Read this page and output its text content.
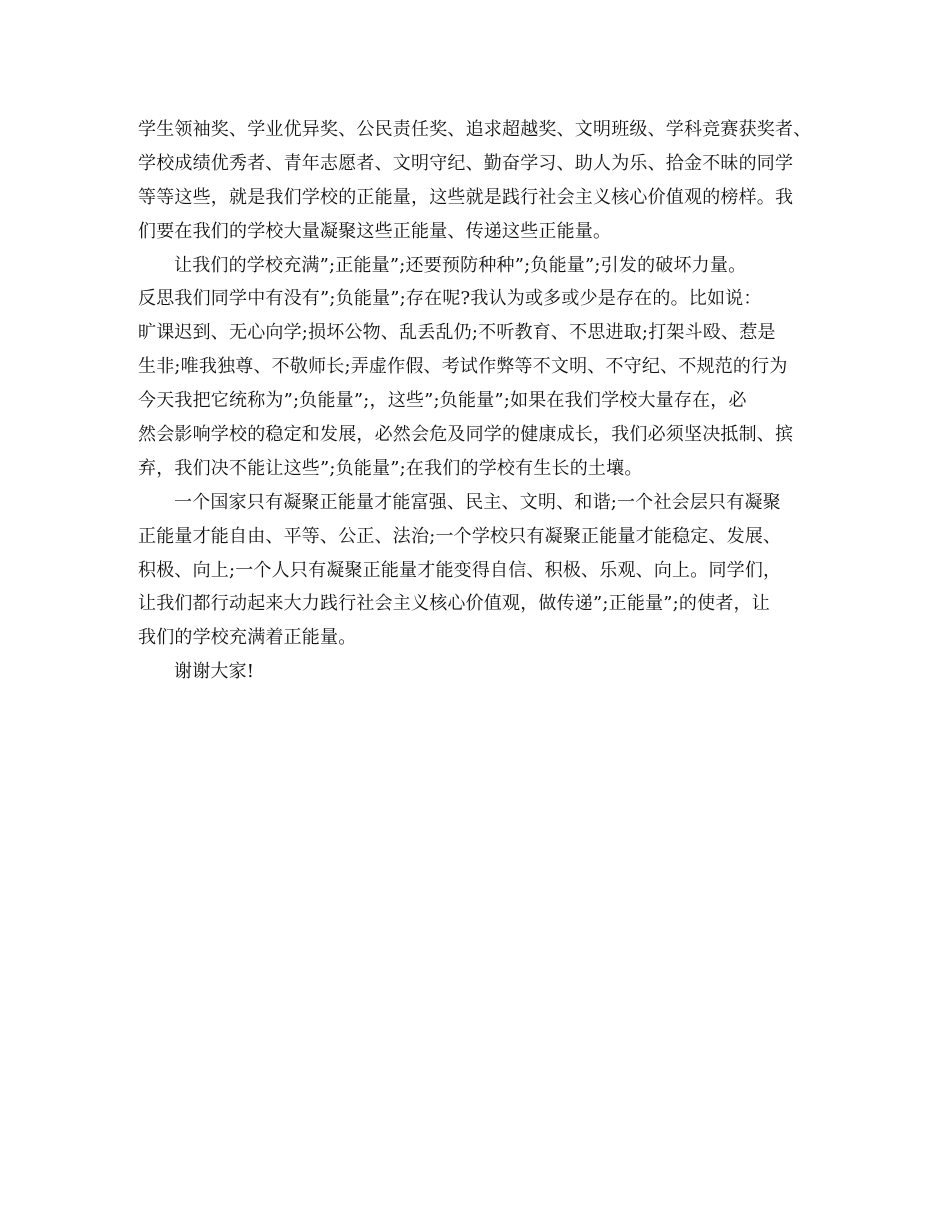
学生领袖奖、学业优异奖、公民责任奖、追求超越奖、文明班级、学科竞赛获奖者、
学校成绩优秀者、青年志愿者、文明守纪、勤奋学习、助人为乐、拾金不昧的同学
等等这些，就是我们学校的正能量，这些就是践行社会主义核心价值观的榜样。我
们要在我们的学校大量凝聚这些正能量、传递这些正能量。
让我们的学校充满”;正能量”;还要预防种种”;负能量”;引发的破坏力量。
反思我们同学中有没有”;负能量”;存在呢?我认为或多或少是存在的。比如说：
旷课迟到、无心向学;损坏公物、乱丢乱仍;不听教育、不思进取;打架斗殴、惹是
生非;唯我独尊、不敬师长;弄虚作假、考试作弊等不文明、不守纪、不规范的行为
今天我把它统称为”;负能量”;，这些”;负能量”;如果在我们学校大量存在，必
然会影响学校的稳定和发展，必然会危及同学的健康成长，我们必须坚决抵制、摈
弃，我们决不能让这些”;负能量”;在我们的学校有生长的土壤。
一个国家只有凝聚正能量才能富强、民主、文明、和谐;一个社会层只有凝聚
正能量才能自由、平等、公正、法治;一个学校只有凝聚正能量才能稳定、发展、
积极、向上;一个人只有凝聚正能量才能变得自信、积极、乐观、向上。同学们，
让我们都行动起来大力践行社会主义核心价值观，做传递”;正能量”;的使者，让
我们的学校充满着正能量。
谢谢大家!
